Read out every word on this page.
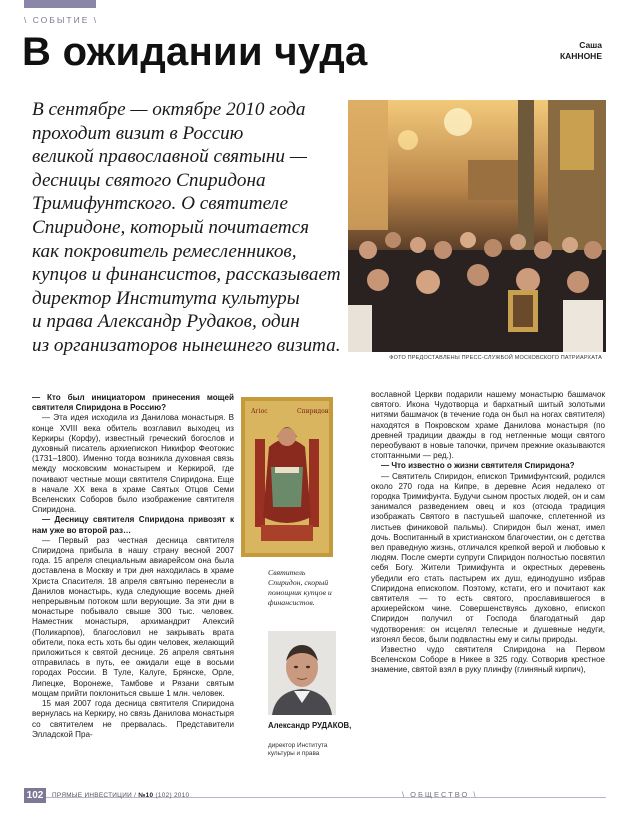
\ СОБЫТИЕ \
В ожидании чуда	Саша
КАННОНЕ
В сентябре — октябре 2010 года
проходит визит в Россию
великой православной святыни —
десницы святого Спиридона
Тримифунтского. О святителе
Спиридоне, который почитается
как покровитель ремесленников,
купцов и финансистов, рассказывает
директор Института культуры
и права Александр Рудаков, один
из организаторов нынешнего визита.
ФОТО ПРЕДОСТАВЛЕНЫ ПРЕСС-СЛУЖБОЙ МОСКОВСКОГО ПАТРИАРХАТА

— Кто был инициатором принесения мощей святителя Спиридона в Россию?

— Эта идея исходила из Данилова монастыря. В конце XVIII века обитель возглавил выходец из Керкиры (Корфу), известный греческий богослов и духовный писатель архиепископ Никифор Феотокис (1731–1800). Именно тогда возникла духовная связь между московским монастырем и Керкирой, где почивают честные мощи святителя Спиридона. Еще в начале XX века в храме Святых Отцов Семи Вселенских Соборов было изображение святителя Спиридона.

— Десницу святителя Спиридона привозят к нам уже во второй раз…

— Первый раз честная десница святителя Спиридона прибыла в нашу страну весной 2007 года. 15 апреля специальным авиарейсом она была доставлена в Москву и три дня находилась в храме Христа Спасителя. 18 апреля святыню перенесли в Данилов монастырь, куда следующие восемь дней непрерывным потоком шли верующие. За эти дни в монастыре побывало свыше 300 тыс. человек. Наместник монастыря, архимандрит Алексий (Поликарпов), благословил не закрывать врата обители, пока есть хоть бы один человек, желающий приложиться к святой деснице. 26 апреля святыня отправилась в путь, ее ожидали еще в восьми городах России. В Туле, Калуге, Брянске, Орле, Липецке, Воронеже, Тамбове и Рязани святым мощам прийти поклониться свыше 1 млн. человек.

15 мая 2007 года десница святителя Спиридона вернулась на Керкиру, но связь Данилова монастыря со святителем не прервалась. Представители Элладской Пра-

Агіос	Спиридон
Святитель Спиридон, скорый помощник купцов и финансистов.
Александр РУДАКОВ,
директор Института культуры и права

вославной Церкви подарили нашему монастырю башмачок святого. Икона Чудотворца и бархатный шитый золотыми нитями башмачок (в течение года он был на ногах святителя) находятся в Покровском храме Данилова монастыря (по древней традиции дважды в год нетленные мощи святого переобувают в новые тапочки, причем прежние оказываются стоптанными — ред.).

— Что известно о жизни святителя Спиридона?

— Святитель Спиридон, епископ Тримифунтский, родился около 270 года на Кипре, в деревне Асия недалеко от городка Тримифунта. Будучи сыном простых людей, он и сам занимался разведением овец и коз (отсюда традиция изображать Святого в пастушьей шапочке, сплетенной из листьев финиковой пальмы). Спиридон был женат, имел дочь. Воспитанный в христианском благочестии, он с детства вел праведную жизнь, отличался крепкой верой и любовью к людям. После смерти супруги Спиридон полностью посвятил себя Богу. Жители Тримифунта и окрестных деревень убедили его стать пастырем их душ, единодушно избрав Спиридона епископом. Поэтому, кстати, его и почитают как святителя — то есть святого, прославившегося в архиерейском чине. Совершенствуясь духовно, епископ Спиридон получил от Господа благодатный дар чудотворения: он исцелял телесные и душевные недуги, изгонял бесов, были подвластны ему и силы природы.

Известно чудо святителя Спиридона на Первом Вселенском Соборе в Никее в 325 году. Сотворив крестное знамение, святой взял в руку плинфу (глиняный кирпич),

102	ПРЯМЫЕ ИНВЕСТИЦИИ / №10 (102) 2010	\ ОБЩЕСТВО \
